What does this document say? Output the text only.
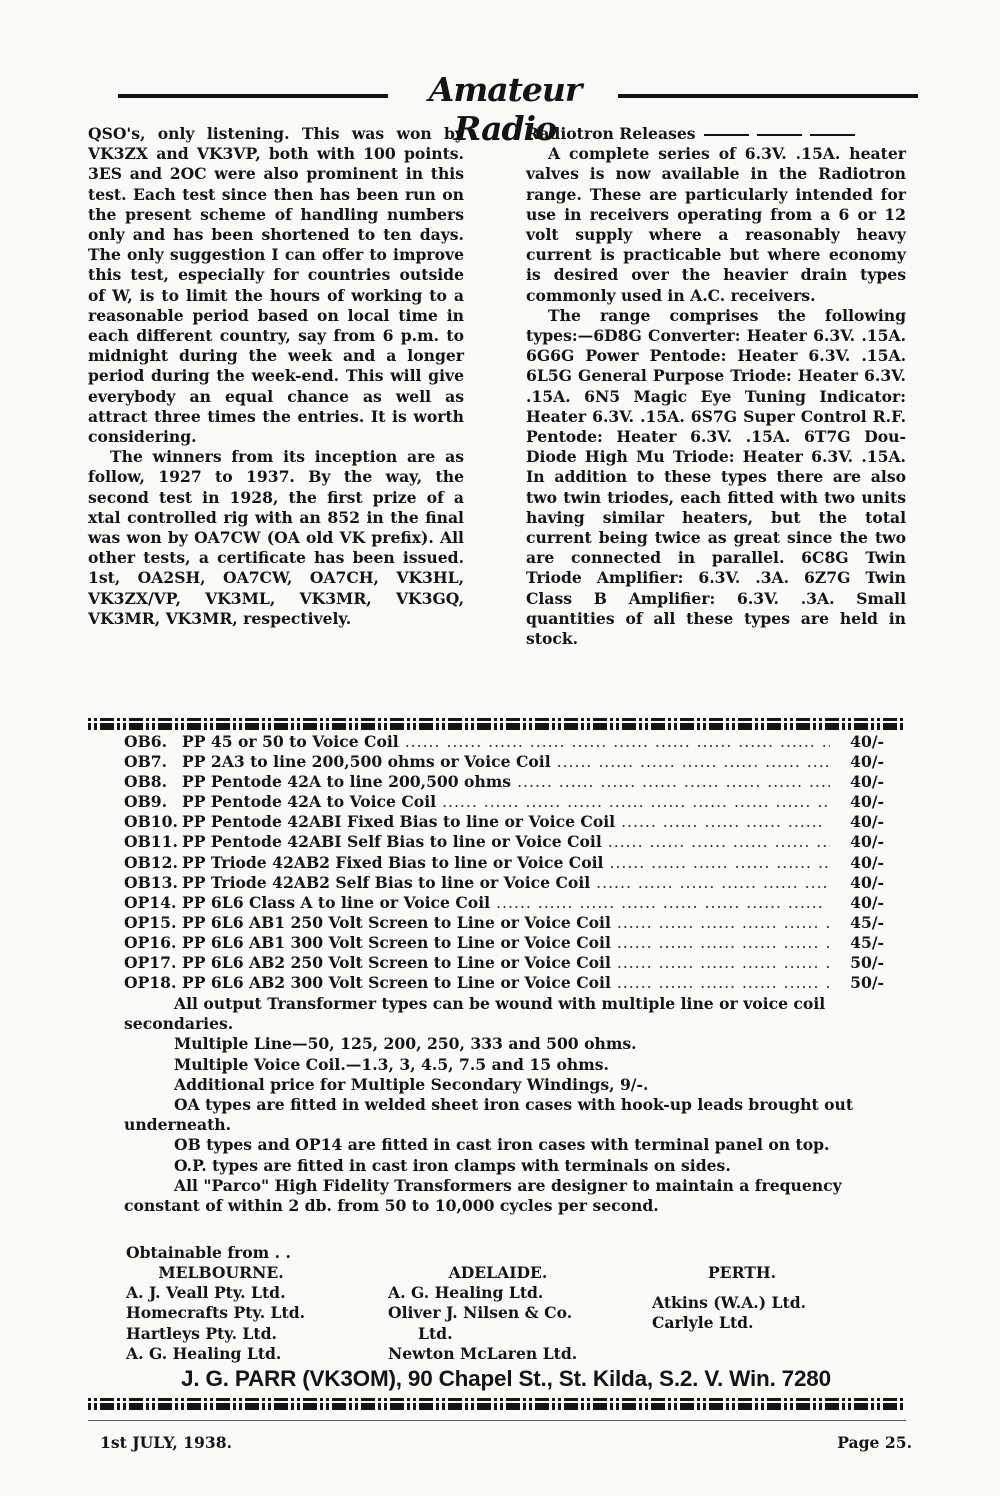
Amateur Radio

QSO's, only listening. This was won by VK3ZX and VK3VP, both with 100 points. 3ES and 2OC were also prominent in this test. Each test since then has been run on the present scheme of handling numbers only and has been shortened to ten days. The only suggestion I can offer to improve this test, especially for countries outside of W, is to limit the hours of working to a reasonable period based on local time in each different country, say from 6 p.m. to midnight during the week and a longer period during the week-end. This will give everybody an equal chance as well as attract three times the entries. It is worth considering.

The winners from its inception are as follow, 1927 to 1937. By the way, the second test in 1928, the first prize of a xtal controlled rig with an 852 in the final was won by OA7CW (OA old VK prefix). All other tests, a certificate has been issued. 1st, OA2SH, OA7CW, OA7CH, VK3HL, VK3ZX/VP, VK3ML, VK3MR, VK3GQ, VK3MR, VK3MR, respectively.

Radiotron Releases

A complete series of 6.3V. .15A. heater valves is now available in the Radiotron range. These are particularly intended for use in receivers operating from a 6 or 12 volt supply where a reasonably heavy current is practicable but where economy is desired over the heavier drain types commonly used in A.C. receivers.

The range comprises the following types:—6D8G Converter: Heater 6.3V. .15A. 6G6G Power Pentode: Heater 6.3V. .15A. 6L5G General Purpose Triode: Heater 6.3V. .15A. 6N5 Magic Eye Tuning Indicator: Heater 6.3V. .15A. 6S7G Super Control R.F. Pentode: Heater 6.3V. .15A. 6T7G Dou-Diode High Mu Triode: Heater 6.3V. .15A. In addition to these types there are also two twin triodes, each fitted with two units having similar heaters, but the total current being twice as great since the two are connected in parallel. 6C8G Twin Triode Amplifier: 6.3V. .3A. 6Z7G Twin Class B Amplifier: 6.3V. .3A. Small quantities of all these types are held in stock.

OB6. PP 45 or 50 to Voice Coil .....	40/-
OB7. PP 2A3 to line 200,500 ohms or Voice Coil .....	40/-
OB8. PP Pentode 42A to line 200,500 ohms .....	40/-
OB9. PP Pentode 42A to Voice Coil .....	40/-
OB10. PP Pentode 42ABI Fixed Bias to line or Voice Coil .....	40/-
OB11. PP Pentode 42ABI Self Bias to line or Voice Coil .....	40/-
OB12. PP Triode 42AB2 Fixed Bias to line or Voice Coil .....	40/-
OB13. PP Triode 42AB2 Self Bias to line or Voice Coil .....	40/-
OP14. PP 6L6 Class A to line or Voice Coil .....	40/-
OP15. PP 6L6 AB1 250 Volt Screen to Line or Voice Coil .....	45/-
OP16. PP 6L6 AB1 300 Volt Screen to Line or Voice Coil .....	45/-
OP17. PP 6L6 AB2 250 Volt Screen to Line or Voice Coil .....	50/-
OP18. PP 6L6 AB2 300 Volt Screen to Line or Voice Coil .....	50/-

All output Transformer types can be wound with multiple line or voice coil secondaries.

Multiple Line—50, 125, 200, 250, 333 and 500 ohms.

Multiple Voice Coil.—1.3, 3, 4.5, 7.5 and 15 ohms.

Additional price for Multiple Secondary Windings, 9/-.

OA types are fitted in welded sheet iron cases with hook-up leads brought out underneath.

OB types and OP14 are fitted in cast iron cases with terminal panel on top.

O.P. types are fitted in cast iron clamps with terminals on sides.

All "Parco" High Fidelity Transformers are designer to maintain a frequency constant of within 2 db. from 50 to 10,000 cycles per second.

Obtainable from . .
MELBOURNE.
A. J. Veall Pty. Ltd.
Homecrafts Pty. Ltd.
Hartleys Pty. Ltd.
A. G. Healing Ltd.
ADELAIDE.
A. G. Healing Ltd.
Oliver J. Nilsen & Co.
Ltd.
Newton McLaren Ltd.
PERTH.
Atkins (W.A.) Ltd.
Carlyle Ltd.
J. G. PARR (VK3OM), 90 Chapel St., St. Kilda, S.2. V. Win. 7280
1st JULY, 1938.	Page 25.
